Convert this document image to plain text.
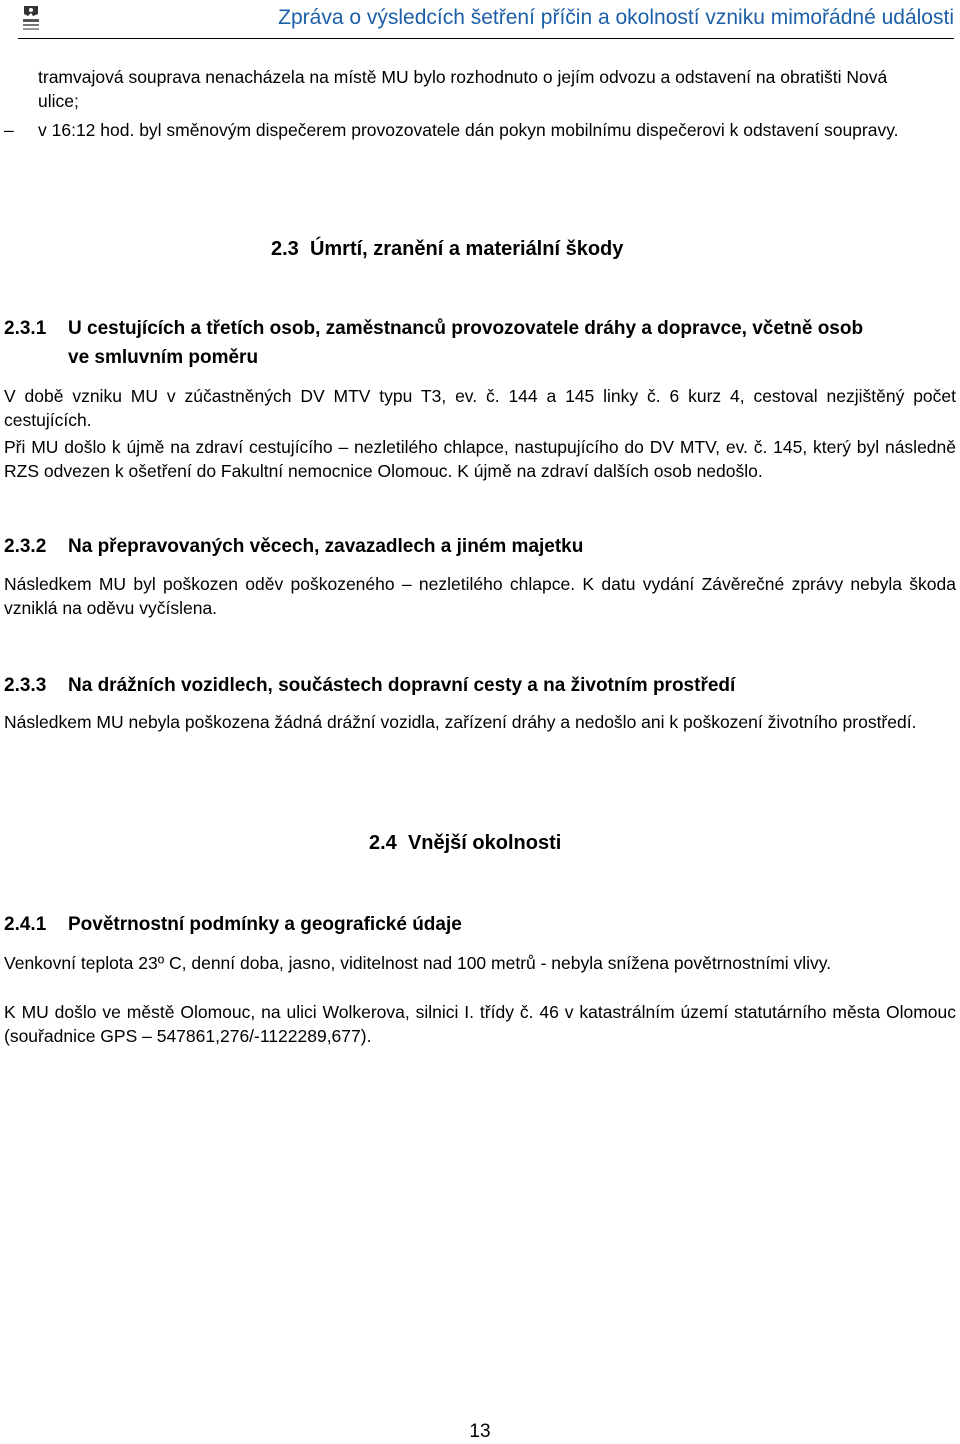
Zpráva o výsledcích šetření příčin a okolností vzniku mimořádné události
tramvajová souprava nenacházela na místě MU bylo rozhodnuto o jejím odvozu a odstavení na obratišti Nová ulice;
– v 16:12 hod. byl směnovým dispečerem provozovatele dán pokyn mobilnímu dispečerovi k odstavení soupravy.
2.3 Úmrtí, zranění a materiální škody
2.3.1 U cestujících a třetích osob, zaměstnanců provozovatele dráhy a dopravce, včetně osob ve smluvním poměru
V době vzniku MU v zúčastněných DV MTV typu T3, ev. č. 144 a 145 linky č. 6 kurz 4, cestoval nezjištěný počet cestujících.
Při MU došlo k újmě na zdraví cestujícího – nezletilého chlapce, nastupujícího do DV MTV, ev. č. 145, který byl následně RZS odvezen k ošetření do Fakultní nemocnice Olomouc. K újmě na zdraví dalších osob nedošlo.
2.3.2 Na přepravovaných věcech, zavazadlech a jiném majetku
Následkem MU byl poškozen oděv poškozeného – nezletilého chlapce. K datu vydání Závěrečné zprávy nebyla škoda vzniklá na oděvu vyčíslena.
2.3.3 Na drážních vozidlech, součástech dopravní cesty a na životním prostředí
Následkem MU nebyla poškozena žádná drážní vozidla, zařízení dráhy a nedošlo ani k poškození životního prostředí.
2.4 Vnější okolnosti
2.4.1 Povětrnostní podmínky a geografické údaje
Venkovní teplota 23º C, denní doba, jasno, viditelnost nad 100 metrů - nebyla snížena povětrnostními vlivy.
K MU došlo ve městě Olomouc, na ulici Wolkerova, silnici I. třídy č. 46 v katastrálním území statutárního města Olomouc (souřadnice GPS – 547861,276/-1122289,677).
13
